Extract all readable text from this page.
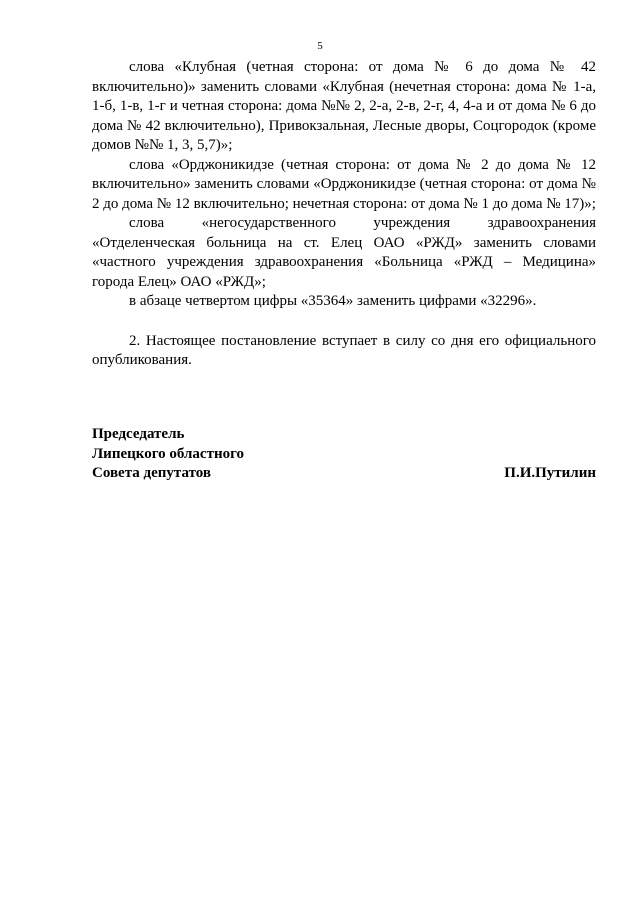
5

слова «Клубная (четная сторона: от дома № 6 до дома № 42 включительно)» заменить словами «Клубная (нечетная сторона: дома № 1-а, 1-б, 1-в, 1-г и четная сторона: дома №№ 2, 2-а, 2-в, 2-г, 4, 4-а и от дома № 6 до дома № 42 включительно), Привокзальная, Лесные дворы, Соцгородок (кроме домов №№ 1, 3, 5,7)»;

слова «Орджоникидзе (четная сторона: от дома № 2 до дома № 12 включительно» заменить словами «Орджоникидзе (четная сторона: от дома № 2 до дома № 12 включительно; нечетная сторона: от дома № 1 до дома № 17)»;

слова «негосударственного учреждения здравоохранения «Отделенческая больница на ст. Елец ОАО «РЖД» заменить словами «частного учреждения здравоохранения «Больница «РЖД – Медицина» города Елец» ОАО «РЖД»;

в абзаце четвертом цифры «35364» заменить цифрами «32296».

2. Настоящее постановление вступает в силу со дня его официального опубликования.

Председатель
Липецкого областного
Совета депутатов	П.И.Путилин
